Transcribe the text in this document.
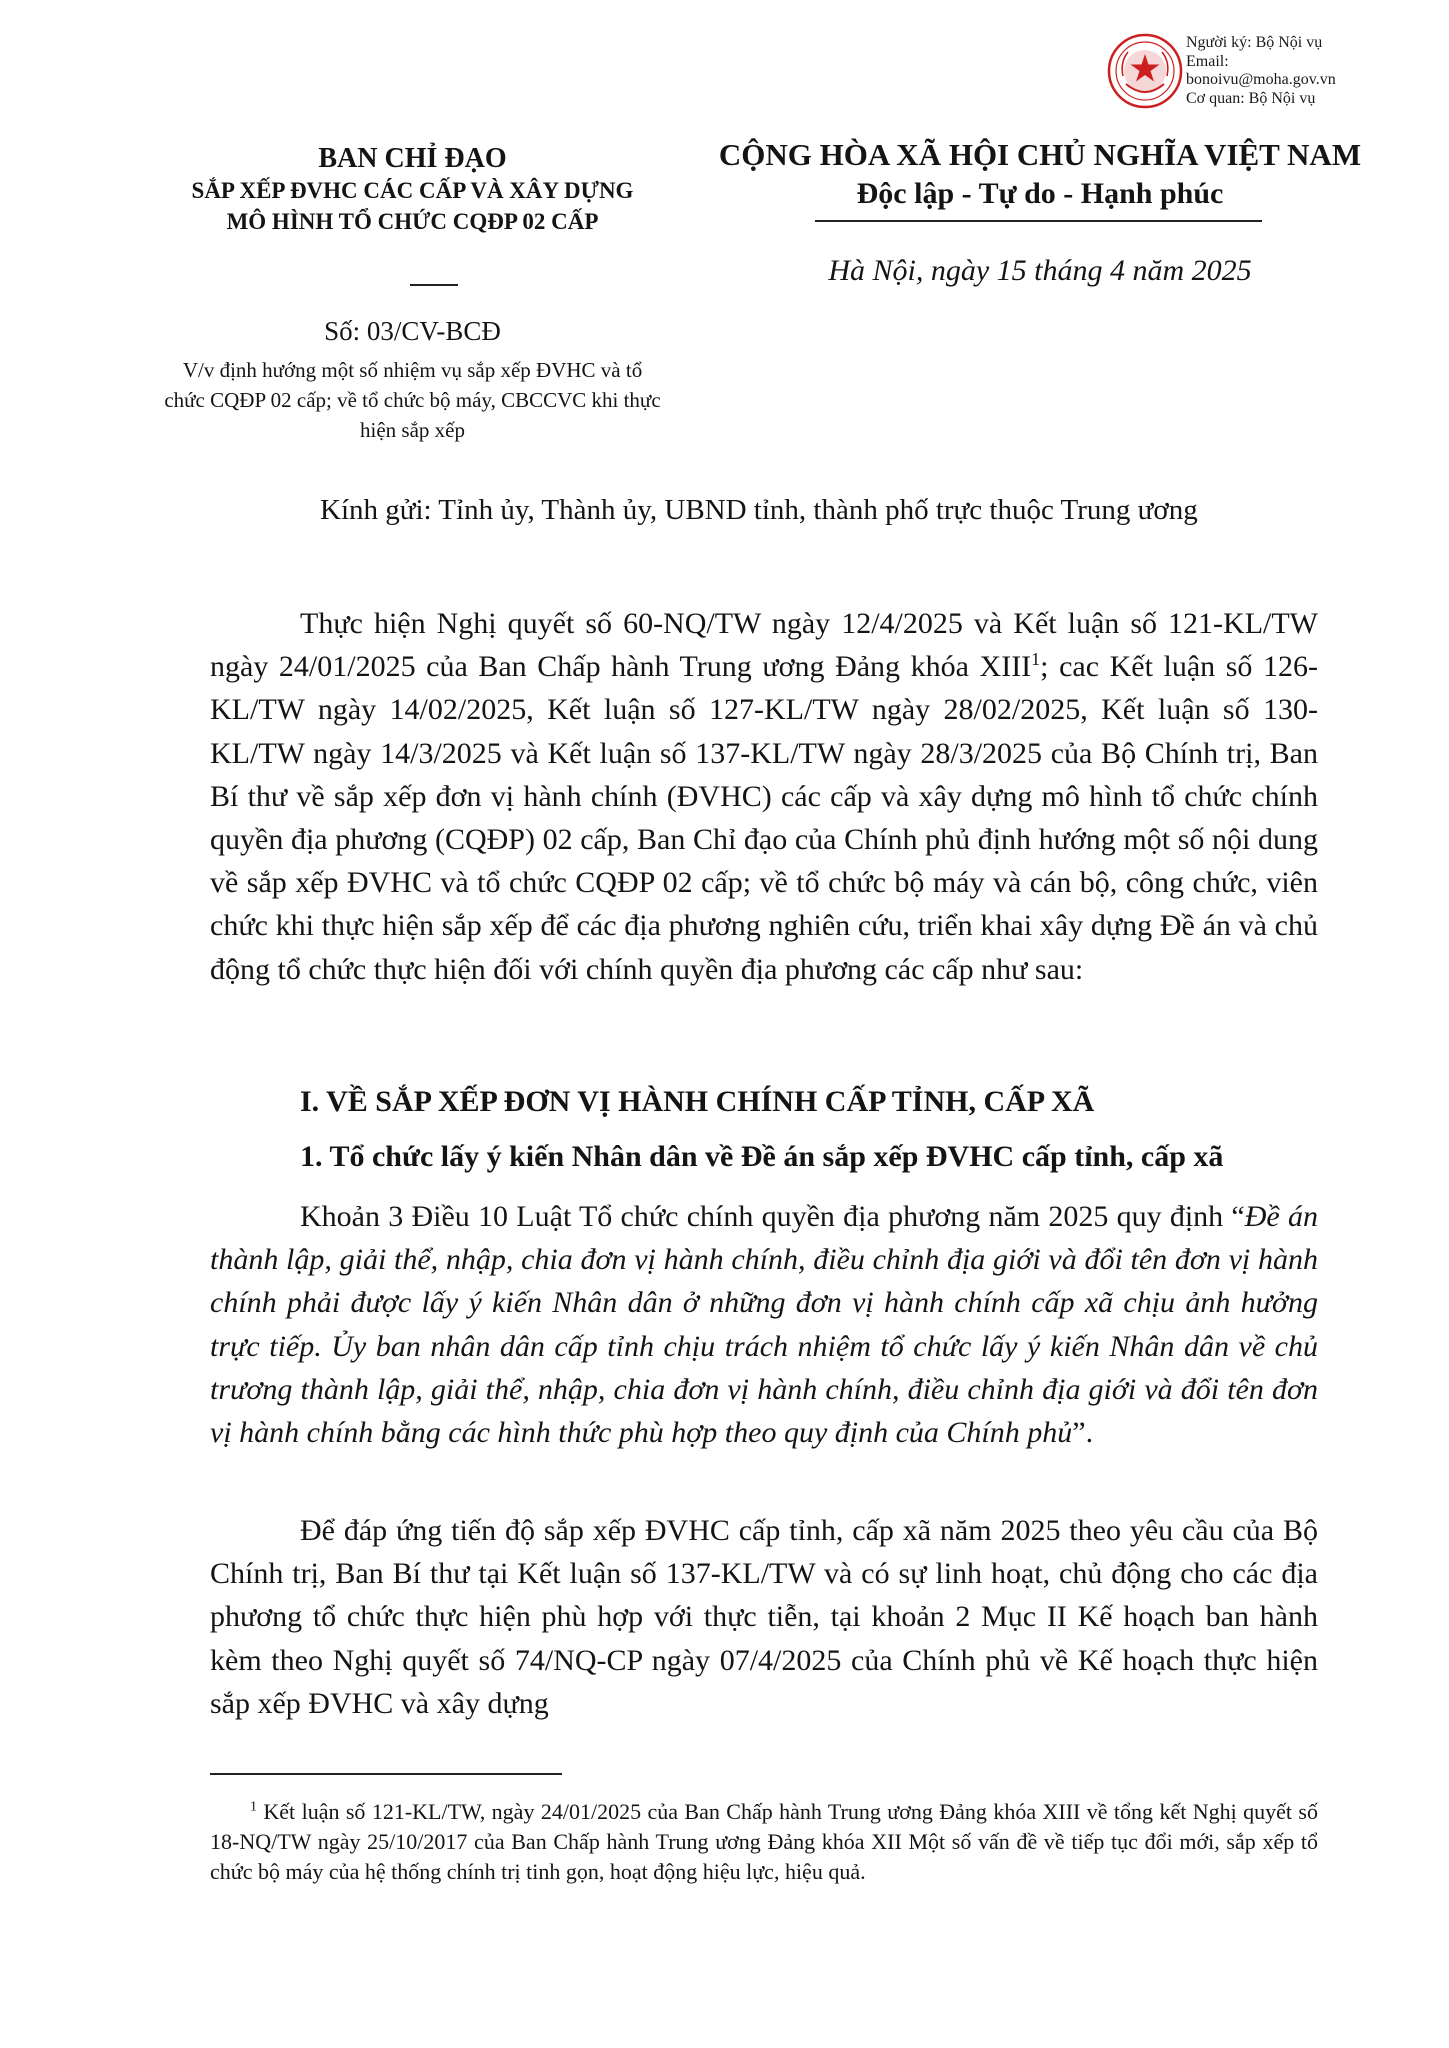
Người ký: Bộ Nội vụ
Email:
bonoivu@moha.gov.vn
Cơ quan: Bộ Nội vụ
BAN CHỈ ĐẠO
SẮP XẾP ĐVHC CÁC CẤP VÀ XÂY DỰNG
MÔ HÌNH TỔ CHỨC CQĐP 02 CẤP
Số: 03/CV-BCĐ
V/v định hướng một số nhiệm vụ sắp xếp ĐVHC và tổ chức CQĐP 02 cấp; về tổ chức bộ máy, CBCCVC khi thực hiện sắp xếp
CỘNG HÒA XÃ HỘI CHỦ NGHĨA VIỆT NAM
Độc lập - Tự do - Hạnh phúc
Hà Nội, ngày 15 tháng 4 năm 2025
Kính gửi: Tỉnh ủy, Thành ủy, UBND tỉnh, thành phố trực thuộc Trung ương

Thực hiện Nghị quyết số 60-NQ/TW ngày 12/4/2025 và Kết luận số 121-KL/TW ngày 24/01/2025 của Ban Chấp hành Trung ương Đảng khóa XIII$^1$; cac Kết luận số 126-KL/TW ngày 14/02/2025, Kết luận số 127-KL/TW ngày 28/02/2025, Kết luận số 130-KL/TW ngày 14/3/2025 và Kết luận số 137-KL/TW ngày 28/3/2025 của Bộ Chính trị, Ban Bí thư về sắp xếp đơn vị hành chính (ĐVHC) các cấp và xây dựng mô hình tổ chức chính quyền địa phương (CQĐP) 02 cấp, Ban Chỉ đạo của Chính phủ định hướng một số nội dung về sắp xếp ĐVHC và tổ chức CQĐP 02 cấp; về tổ chức bộ máy và cán bộ, công chức, viên chức khi thực hiện sắp xếp để các địa phương nghiên cứu, triển khai xây dựng Đề án và chủ động tổ chức thực hiện đối với chính quyền địa phương các cấp như sau:

I. VỀ SẮP XẾP ĐƠN VỊ HÀNH CHÍNH CẤP TỈNH, CẤP XÃ
1. Tổ chức lấy ý kiến Nhân dân về Đề án sắp xếp ĐVHC cấp tỉnh, cấp xã

Khoản 3 Điều 10 Luật Tổ chức chính quyền địa phương năm 2025 quy định “Đề án thành lập, giải thể, nhập, chia đơn vị hành chính, điều chỉnh địa giới và đổi tên đơn vị hành chính phải được lấy ý kiến Nhân dân ở những đơn vị hành chính cấp xã chịu ảnh hưởng trực tiếp. Ủy ban nhân dân cấp tỉnh chịu trách nhiệm tổ chức lấy ý kiến Nhân dân về chủ trương thành lập, giải thể, nhập, chia đơn vị hành chính, điều chỉnh địa giới và đổi tên đơn vị hành chính bằng các hình thức phù hợp theo quy định của Chính phủ”.

Để đáp ứng tiến độ sắp xếp ĐVHC cấp tỉnh, cấp xã năm 2025 theo yêu cầu của Bộ Chính trị, Ban Bí thư tại Kết luận số 137-KL/TW và có sự linh hoạt, chủ động cho các địa phương tổ chức thực hiện phù hợp với thực tiễn, tại khoản 2 Mục II Kế hoạch ban hành kèm theo Nghị quyết số 74/NQ-CP ngày 07/4/2025 của Chính phủ về Kế hoạch thực hiện sắp xếp ĐVHC và xây dựng

$^1$ Kết luận số 121-KL/TW, ngày 24/01/2025 của Ban Chấp hành Trung ương Đảng khóa XIII về tổng kết Nghị quyết số 18-NQ/TW ngày 25/10/2017 của Ban Chấp hành Trung ương Đảng khóa XII Một số vấn đề về tiếp tục đổi mới, sắp xếp tổ chức bộ máy của hệ thống chính trị tinh gọn, hoạt động hiệu lực, hiệu quả.
